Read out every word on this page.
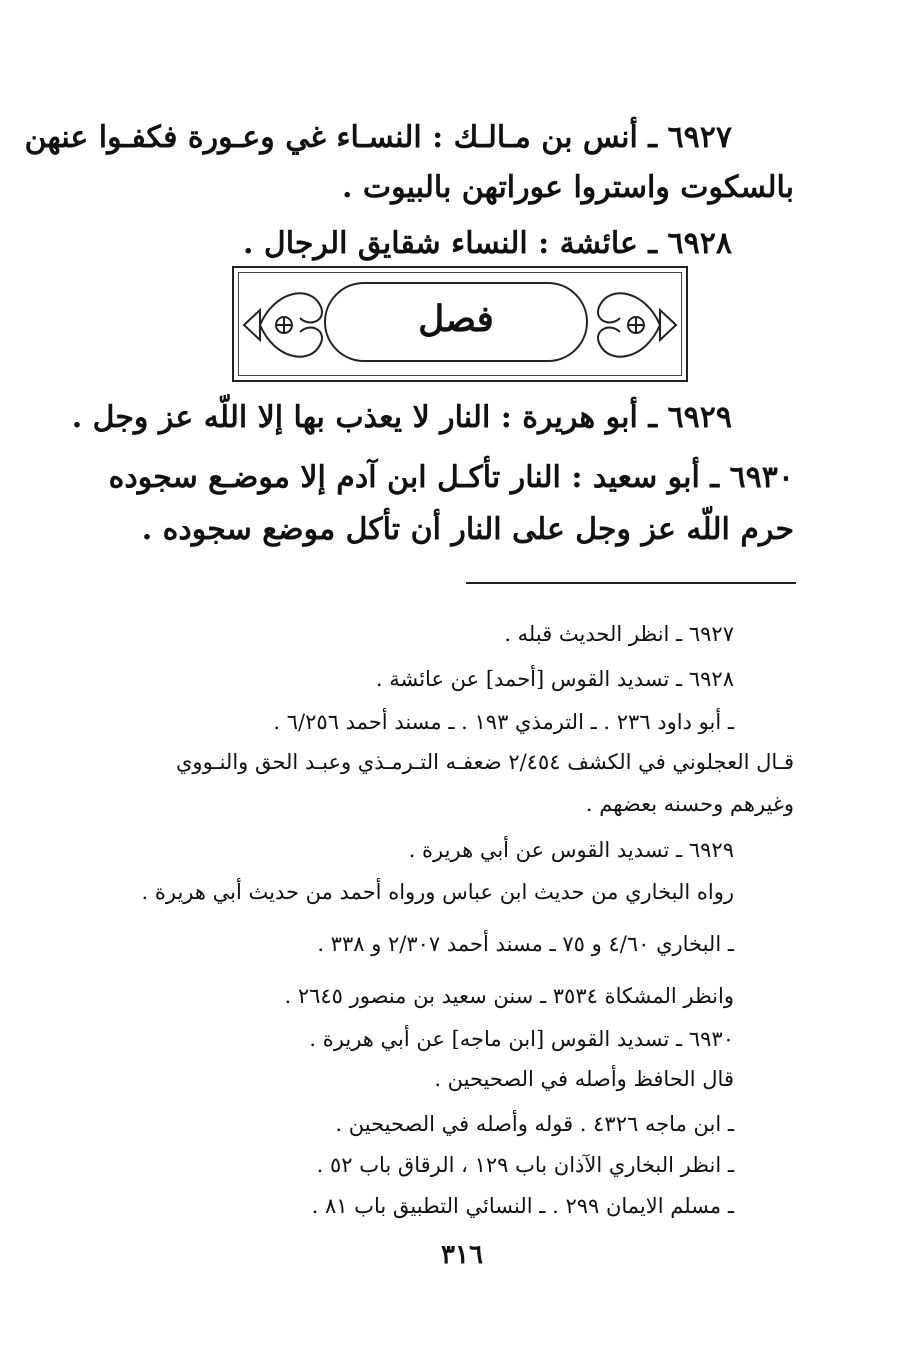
٦٩٢٧ ـ أنس بن مـالـك : النسـاء غي وعـورة فكفـوا عنهن
بالسكوت واستروا عوراتهن بالبيوت .
٦٩٢٨ ـ عائشة : النساء شقايق الرجال .
فصل
٦٩٢٩ ـ أبو هريرة : النار لا يعذب بها إلا اللّه عز وجل .
٦٩٣٠ ـ أبو سعيد : النار تأكـل ابن آدم إلا موضـع سجوده
حرم اللّه عز وجل على النار أن تأكل موضع سجوده .
٦٩٢٧ ـ انظر الحديث قبله .
٦٩٢٨ ـ تسديد القوس [أحمد] عن عائشة .
ـ أبو داود ٢٣٦ . ـ الترمذي ١٩٣ . ـ مسند أحمد ٦/٢٥٦ .
قـال العجلوني في الكشف ٢/٤٥٤ ضعفـه التـرمـذي وعبـد الحق والنـووي
وغيرهم وحسنه بعضهم .
٦٩٢٩ ـ تسديد القوس عن أبي هريرة .
رواه البخاري من حديث ابن عباس ورواه أحمد من حديث أبي هريرة .
ـ البخاري ٤/٦٠ و ٧٥ ـ مسند أحمد ٢/٣٠٧ و ٣٣٨ .
وانظر المشكاة ٣٥٣٤ ـ سنن سعيد بن منصور ٢٦٤٥ .
٦٩٣٠ ـ تسديد القوس [ابن ماجه] عن أبي هريرة .
قال الحافظ وأصله في الصحيحين .
ـ ابن ماجه ٤٣٢٦ . قوله وأصله في الصحيحين .
ـ انظر البخاري الآذان باب ١٢٩ ، الرقاق باب ٥٢ .
ـ مسلم الايمان ٢٩٩ . ـ النسائي التطبيق باب ٨١ .
٣١٦
